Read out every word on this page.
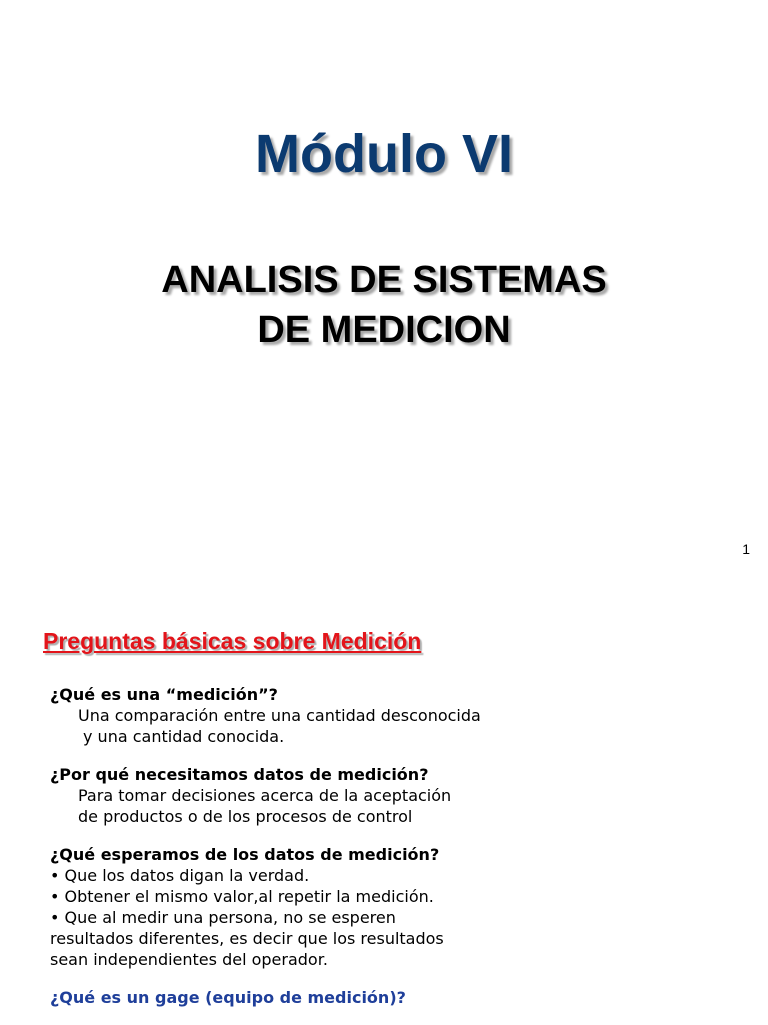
Módulo VI
ANALISIS DE SISTEMAS
DE MEDICION
1
Preguntas básicas sobre Medición
¿Qué es una “medición”?
Una comparación entre una cantidad desconocida
y una cantidad conocida.
¿Por qué necesitamos datos de medición?
Para tomar decisiones acerca de la aceptación
de productos o de los procesos de control
¿Qué esperamos de los datos de medición?
• Que los datos digan la verdad.
• Obtener el mismo valor,al repetir la medición.
• Que al medir una persona, no se esperen
resultados diferentes, es decir que los resultados
sean independientes del operador.
¿Qué es un gage (equipo de medición)?
